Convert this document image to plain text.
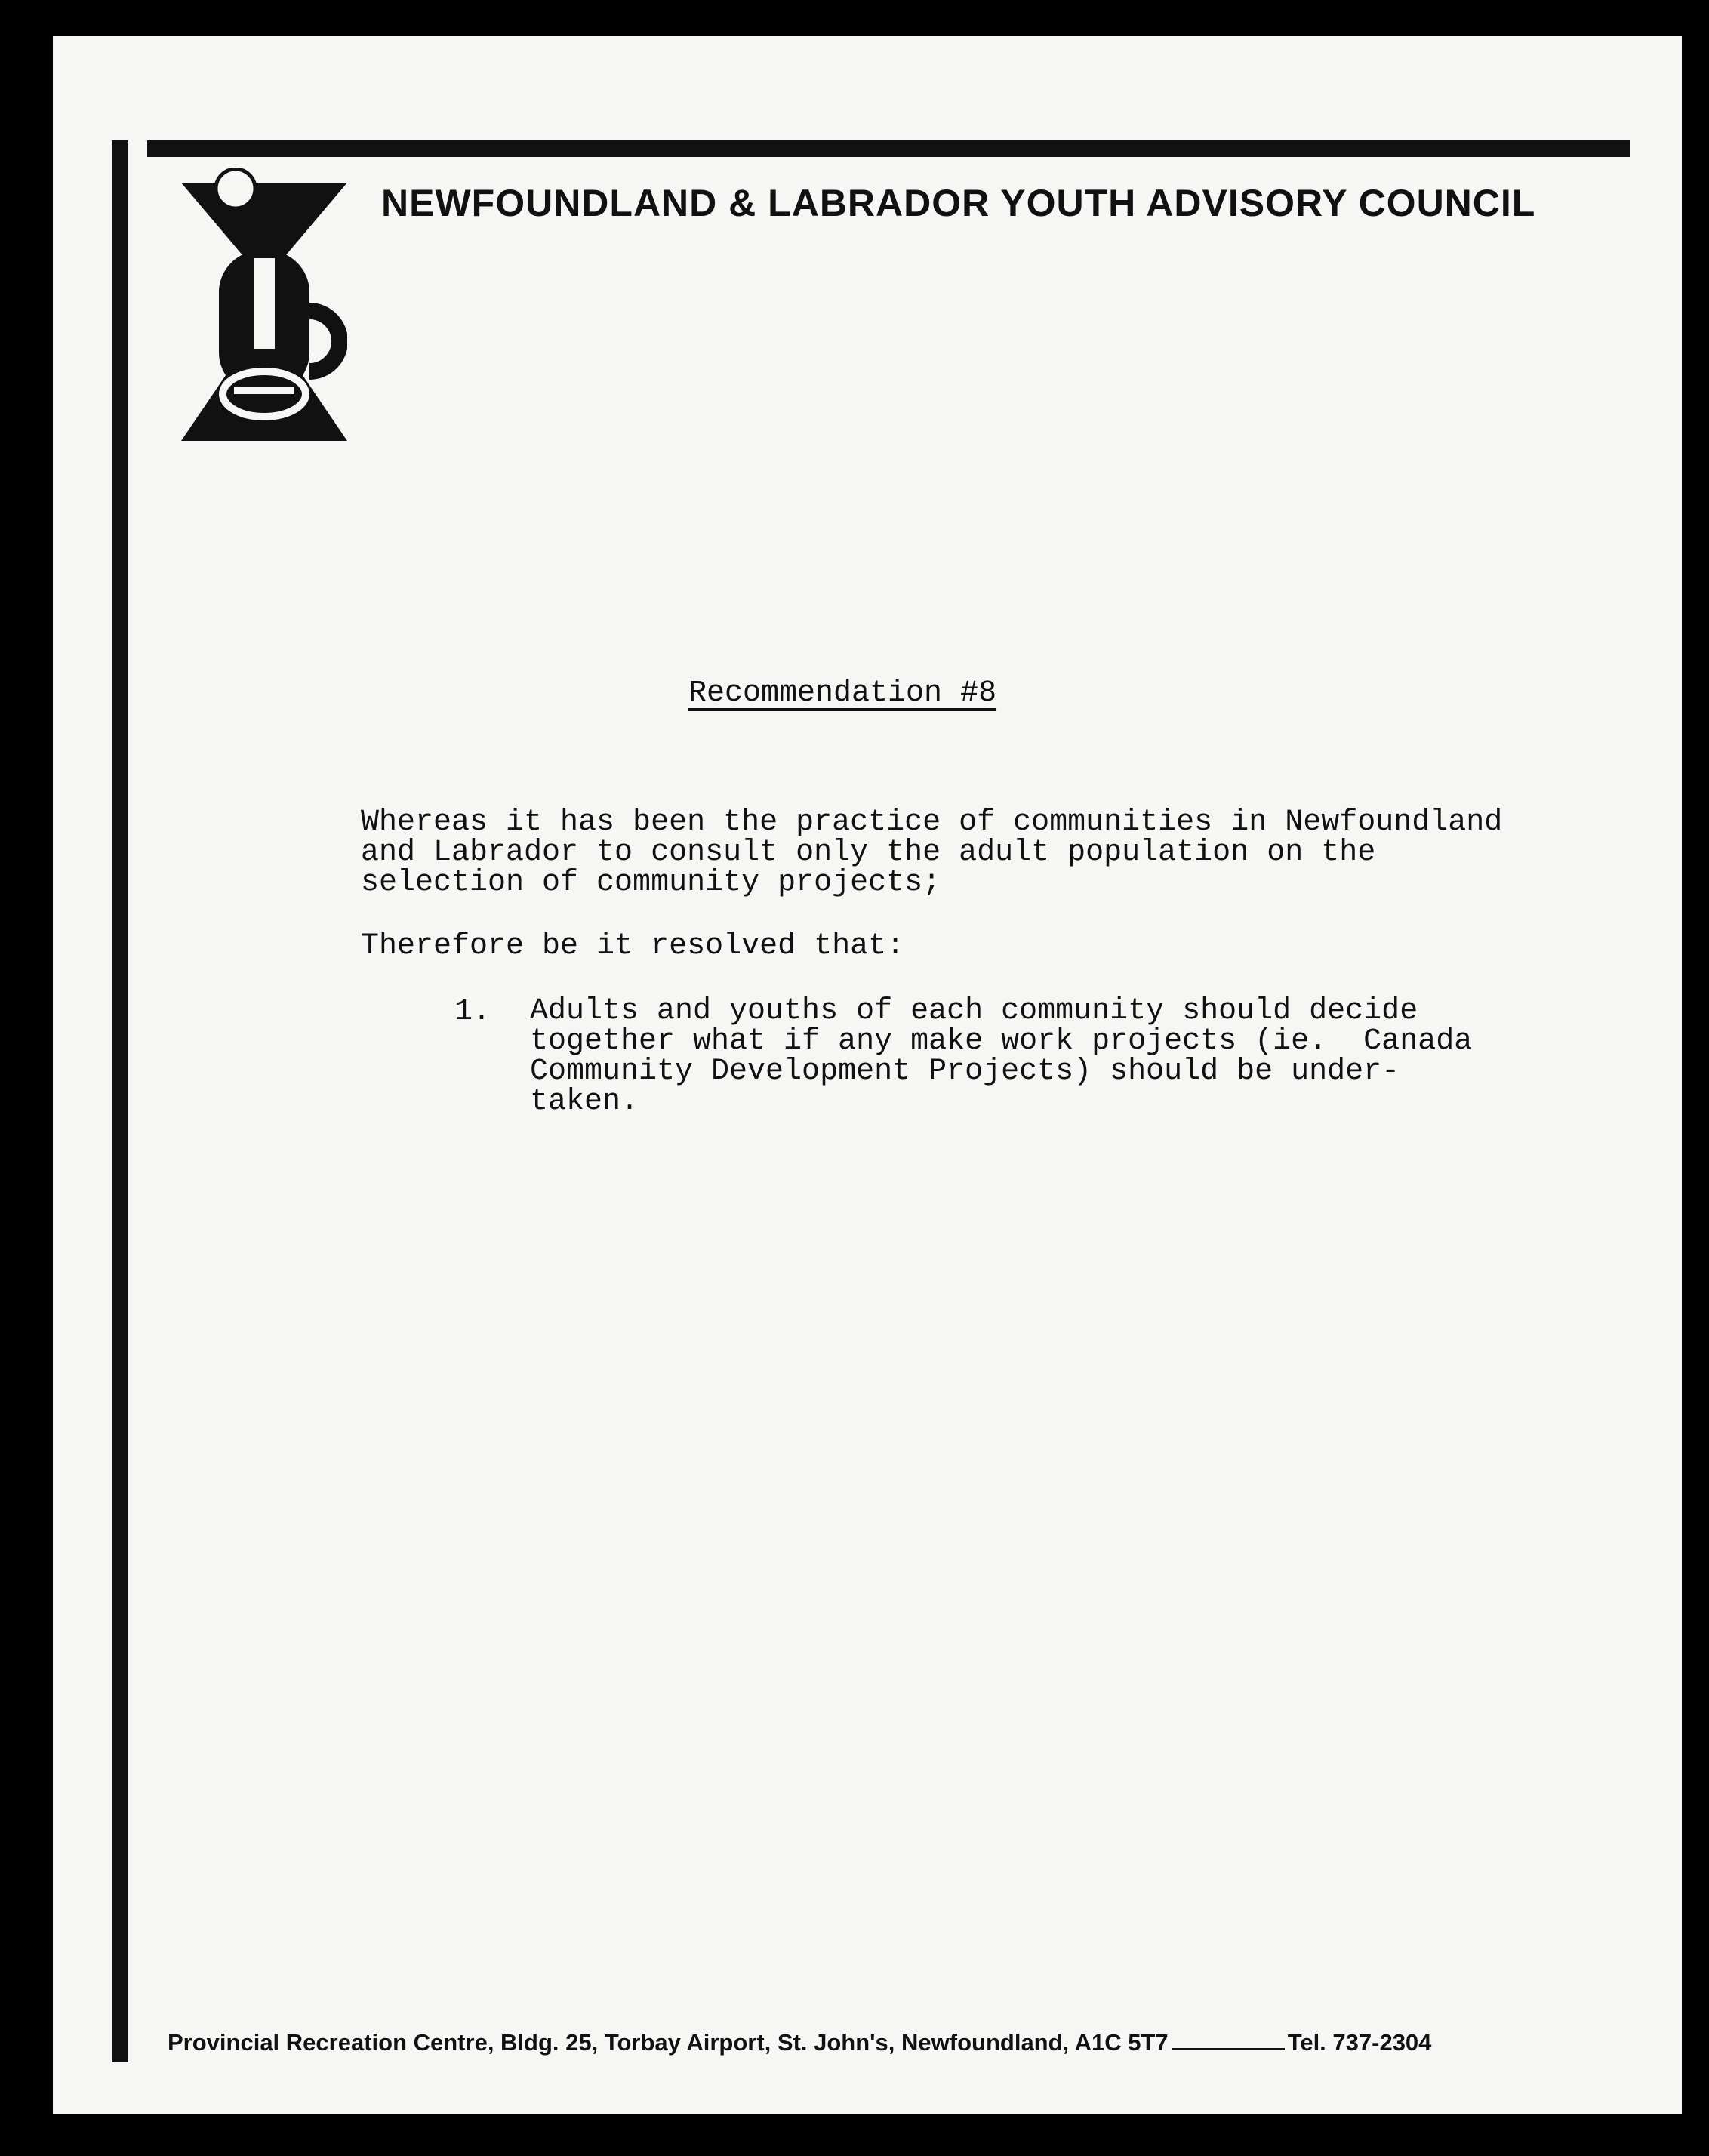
NEWFOUNDLAND & LABRADOR YOUTH ADVISORY COUNCIL
Recommendation #8
Whereas it has been the practice of communities in Newfoundland
and Labrador to consult only the adult population on the
selection of community projects;
Therefore be it resolved that:
1. Adults and youths of each community should decide
together what if any make work projects (ie.  Canada
Community Development Projects) should be under-
taken.
Provincial Recreation Centre, Bldg. 25, Torbay Airport, St. John's, Newfoundland, A1C 5T7	Tel. 737-2304
